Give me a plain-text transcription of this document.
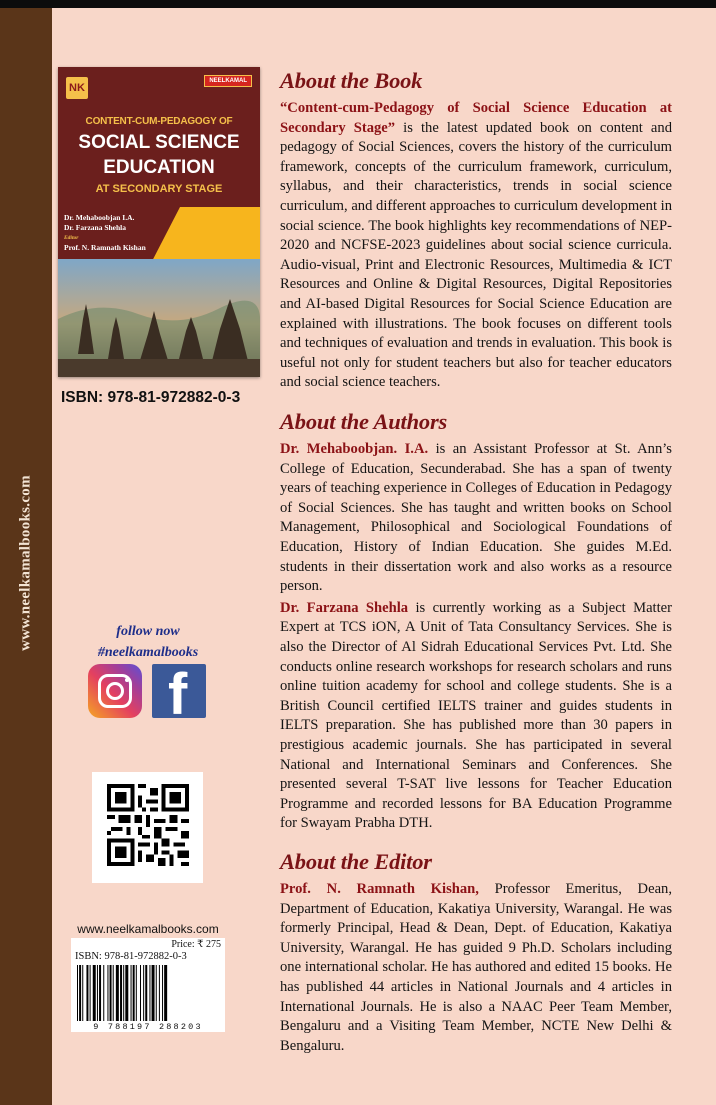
www.neelkamalbooks.com
NK
NEELKAMAL
CONTENT-CUM-PEDAGOGY OF
SOCIAL SCIENCE
EDUCATION
AT SECONDARY STAGE
Dr. Mehaboobjan I.A.
Dr. Farzana Shehla
Editor
Prof. N. Ramnath Kishan
ISBN: 978-81-972882-0-3
follow now
#neelkamalbooks
f
www.neelkamalbooks.com
Price: ₹ 275
ISBN: 978-81-972882-0-3
9 788197 288203
About the Book

“Content-cum-Pedagogy of Social Science Education at Secondary Stage” is the latest updated book on content and pedagogy of Social Sciences, covers the history of the curriculum framework, concepts of the curriculum framework, curriculum, syllabus, and their characteristics, trends in social science curriculum, and different approaches to curriculum development in social science. The book highlights key recommendations of NEP-2020 and NCFSE-2023 guidelines about social science curricula. Audio-visual, Print and Electronic Resources, Multimedia & ICT Resources and Online & Digital Resources, Digital Repositories and AI-based Digital Resources for Social Science Education are explained with illustrations. The book focuses on different tools and techniques of evaluation and trends in evaluation. This book is useful not only for student teachers but also for teacher educators and social science teachers.

About the Authors

Dr. Mehaboobjan. I.A. is an Assistant Professor at St. Ann’s College of Education, Secunderabad. She has a span of twenty years of teaching experience in Colleges of Education in Pedagogy of Social Sciences. She has taught and written books on School Management, Philosophical and Sociological Foundations of Education, History of Indian Education. She guides M.Ed. students in their dissertation work and also works as a resource person.

Dr. Farzana Shehla is currently working as a Subject Matter Expert at TCS iON, A Unit of Tata Consultancy Services. She is also the Director of Al Sidrah Educational Services Pvt. Ltd. She conducts online research workshops for research scholars and runs online tuition academy for school and college students. She is a British Council certified IELTS trainer and guides students in IELTS preparation. She has published more than 30 papers in prestigious academic journals. She has participated in several National and International Seminars and Conferences. She presented several T-SAT live lessons for Teacher Education Programme and recorded lessons for BA Education Programme for Swayam Prabha DTH.

About the Editor

Prof. N. Ramnath Kishan, Professor Emeritus, Dean, Department of Education, Kakatiya University, Warangal. He was formerly Principal, Head & Dean, Dept. of Education, Kakatiya University, Warangal. He has guided 9 Ph.D. Scholars including one international scholar. He has authored and edited 15 books. He has published 44 articles in National Journals and 4 articles in International Journals. He is also a NAAC Peer Team Member, Bengaluru and a Visiting Team Member, NCTE New Delhi & Bengaluru.
